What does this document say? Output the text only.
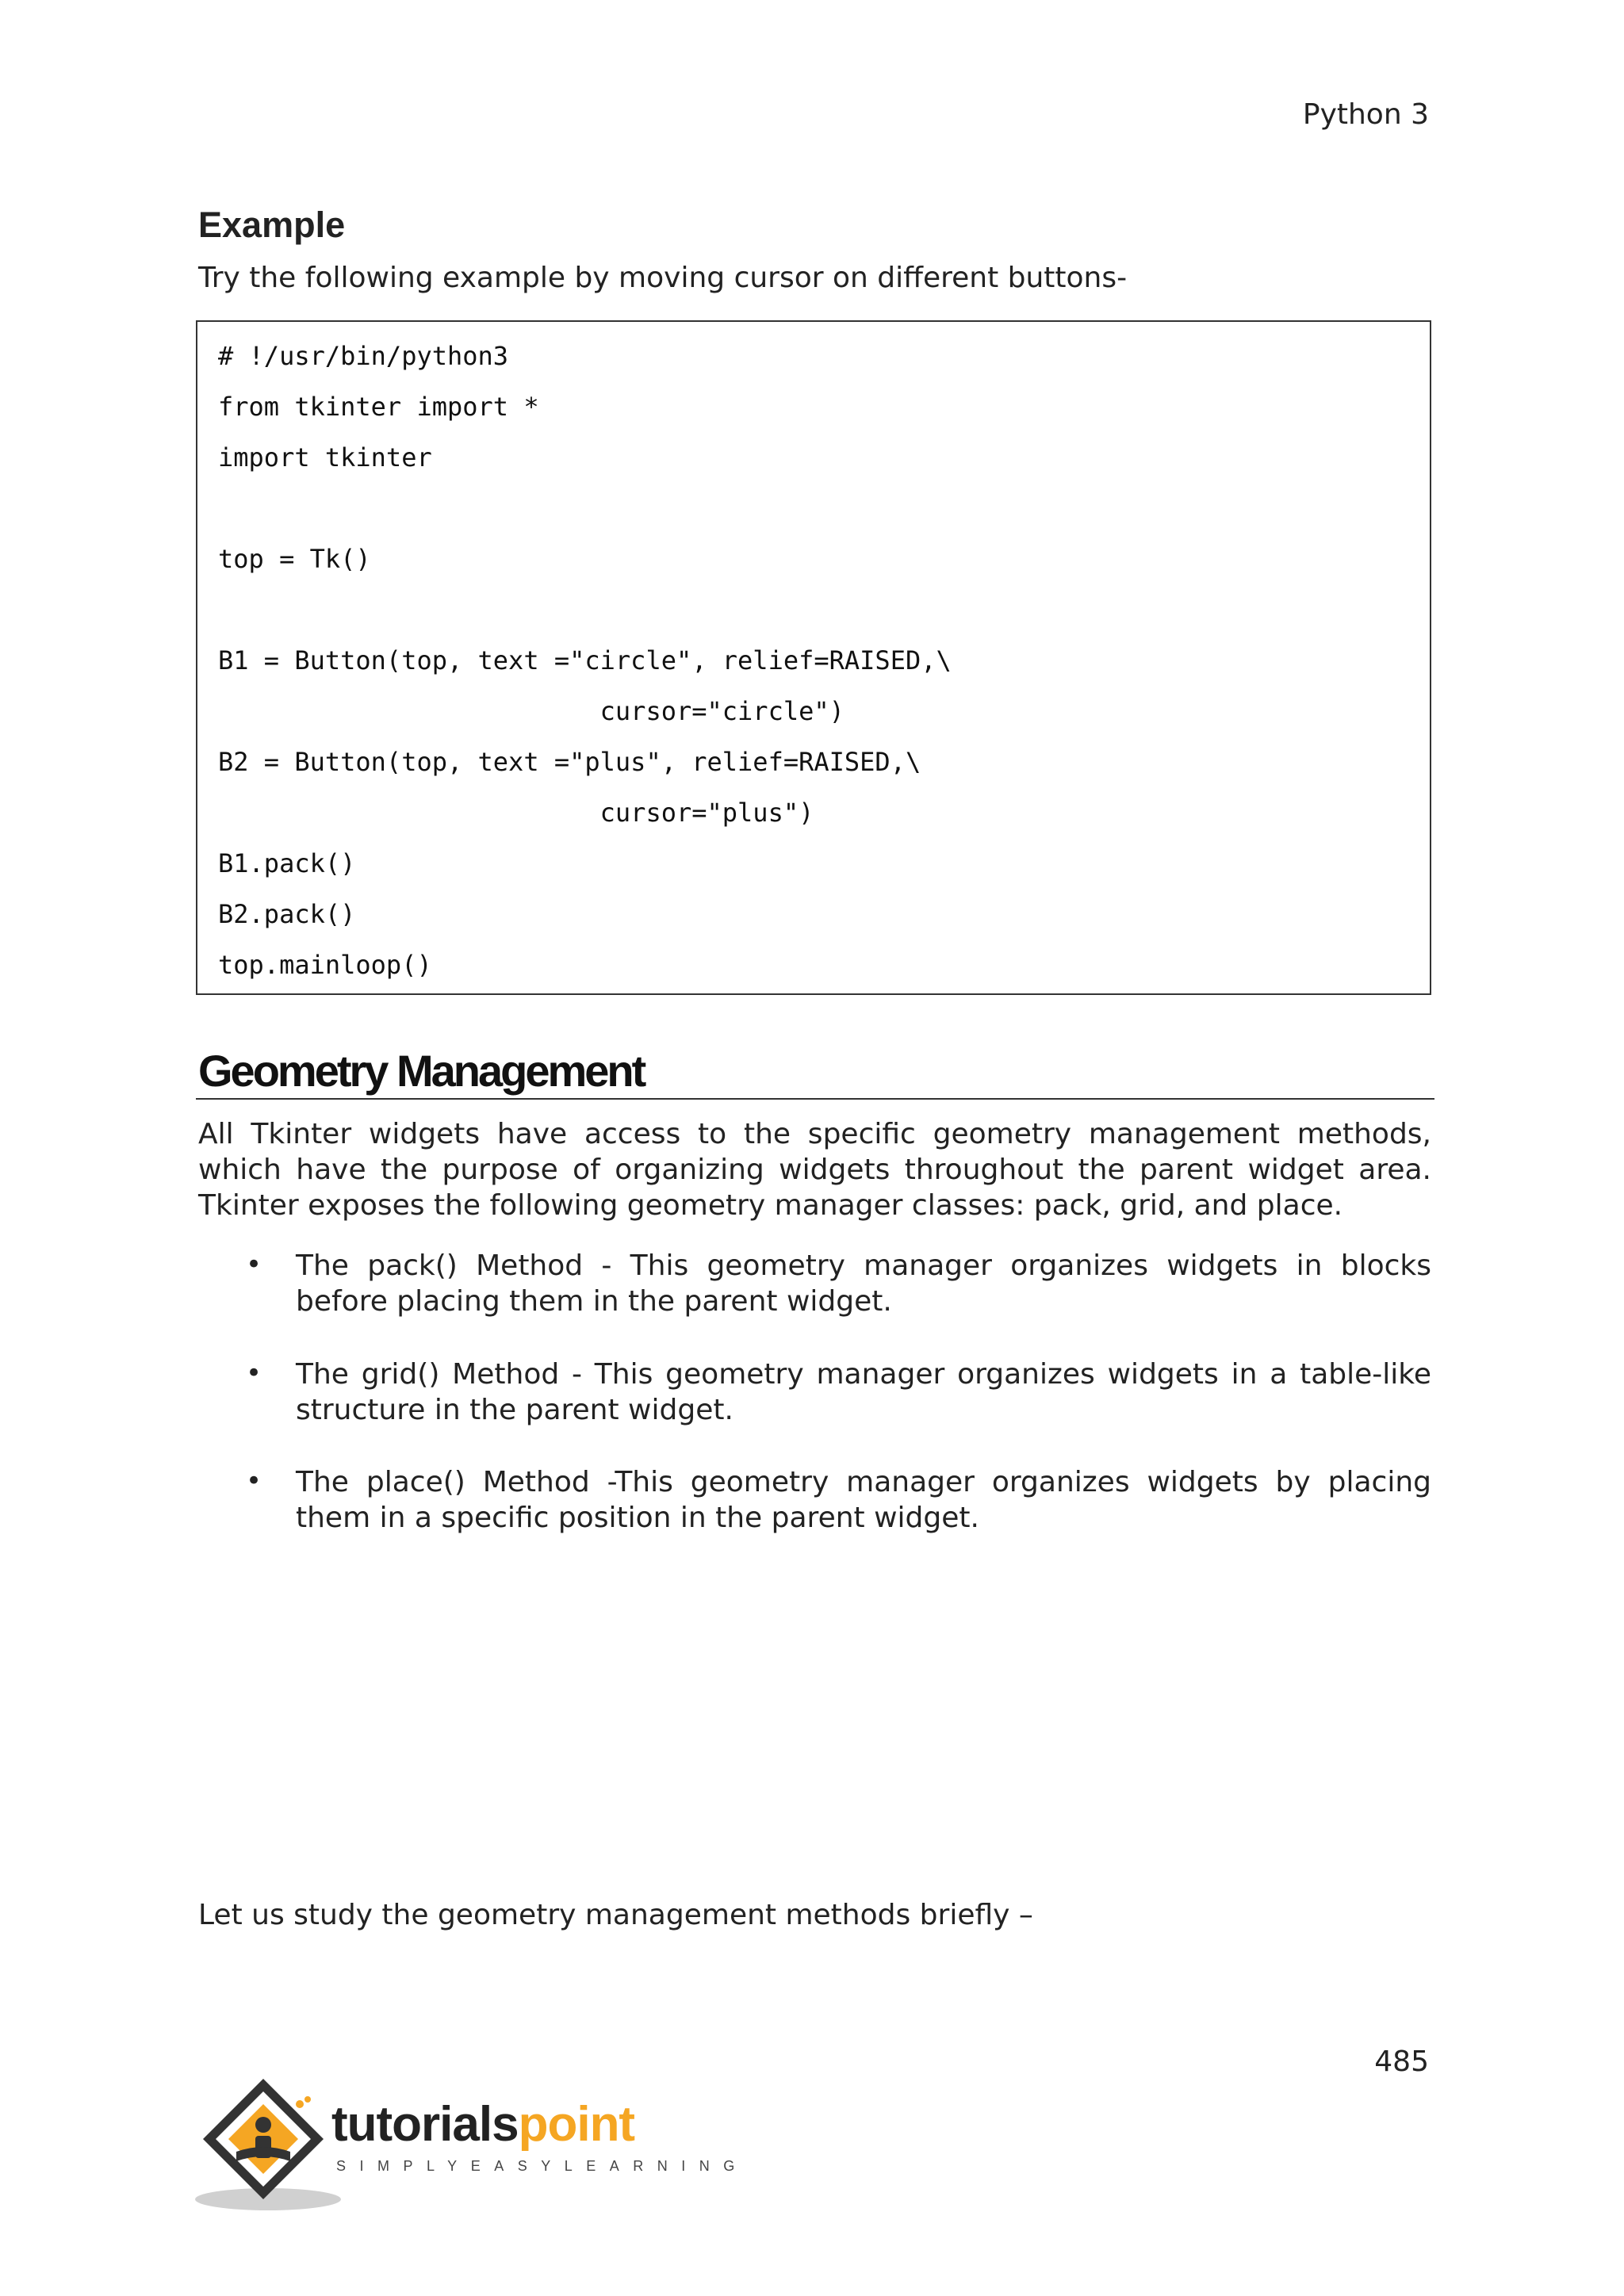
Python 3
Example
Try the following example by moving cursor on different buttons-
# !/usr/bin/python3
from tkinter import *
import tkinter
top = Tk()
B1 = Button(top, text ="circle", relief=RAISED,\
cursor="circle")
B2 = Button(top, text ="plus", relief=RAISED,\
cursor="plus")
B1.pack()
B2.pack()
top.mainloop()
Geometry Management
All Tkinter widgets have access to the specific geometry management methods, which have the purpose of organizing widgets throughout the parent widget area. Tkinter exposes the following geometry manager classes: pack, grid, and place.
• The pack() Method - This geometry manager organizes widgets in blocks before placing them in the parent widget.
• The grid() Method - This geometry manager organizes widgets in a table-like structure in the parent widget.
• The place() Method -This geometry manager organizes widgets by placing them in a specific position in the parent widget.
Let us study the geometry management methods briefly –
485
tutorialspoint
SIMPLYEASYLEARNING
